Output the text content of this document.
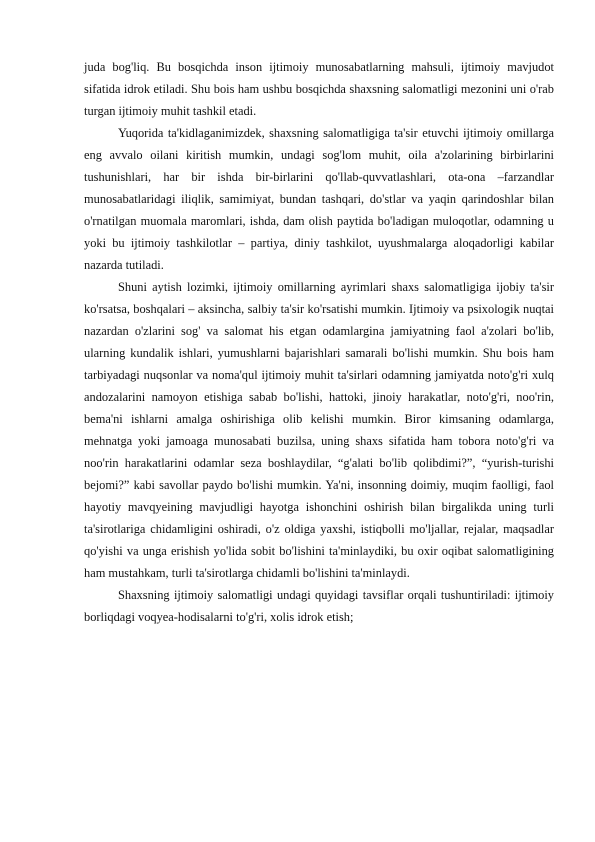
juda bog'liq. Bu bosqichda inson ijtimoiy munosabatlarning mahsuli, ijtimoiy mavjudot sifatida idrok etiladi. Shu bois ham ushbu bosqichda shaxsning salomatligi mezonini uni o'rab turgan ijtimoiy muhit tashkil etadi.

Yuqorida ta'kidlaganimizdek, shaxsning salomatligiga ta'sir etuvchi ijtimoiy omillarga eng avvalo oilani kiritish mumkin, undagi sog'lom muhit, oila a'zolarining birbirlarini tushunishlari, har bir ishda bir-birlarini qo'llab-quvvatlashlari, ota-ona –farzandlar munosabatlaridagi iliqlik, samimiyat, bundan tashqari, do'stlar va yaqin qarindoshlar bilan o'rnatilgan muomala maromlari, ishda, dam olish paytida bo'ladigan muloqotlar, odamning u yoki bu ijtimoiy tashkilotlar – partiya, diniy tashkilot, uyushmalarga aloqadorligi kabilar nazarda tutiladi.

Shuni aytish lozimki, ijtimoiy omillarning ayrimlari shaxs salomatligiga ijobiy ta'sir ko'rsatsa, boshqalari – aksincha, salbiy ta'sir ko'rsatishi mumkin. Ijtimoiy va psixologik nuqtai nazardan o'zlarini sog' va salomat his etgan odamlargina jamiyatning faol a'zolari bo'lib, ularning kundalik ishlari, yumushlarni bajarishlari samarali bo'lishi mumkin. Shu bois ham tarbiyadagi nuqsonlar va noma'qul ijtimoiy muhit ta'sirlari odamning jamiyatda noto'g'ri xulq andozalarini namoyon etishiga sabab bo'lishi, hattoki, jinoiy harakatlar, noto'g'ri, noo'rin, bema'ni ishlarni amalga oshirishiga olib kelishi mumkin. Biror kimsaning odamlarga, mehnatga yoki jamoaga munosabati buzilsa, uning shaxs sifatida ham tobora noto'g'ri va noo'rin harakatlarini odamlar seza boshlaydilar, “g'alati bo'lib qolibdimi?”, “yurish-turishi bejomi?” kabi savollar paydo bo'lishi mumkin. Ya'ni, insonning doimiy, muqim faolligi, faol hayotiy mavqyeining mavjudligi hayotga ishonchini oshirish bilan birgalikda uning turli ta'sirotlariga chidamligini oshiradi, o'z oldiga yaxshi, istiqbolli mo'ljallar, rejalar, maqsadlar qo'yishi va unga erishish yo'lida sobit bo'lishini ta'minlaydiki, bu oxir oqibat salomatligining ham mustahkam, turli ta'sirotlarga chidamli bo'lishini ta'minlaydi.

Shaxsning ijtimoiy salomatligi undagi quyidagi tavsiflar orqali tushuntiriladi: ijtimoiy borliqdagi voqyea-hodisalarni to'g'ri, xolis idrok etish;
